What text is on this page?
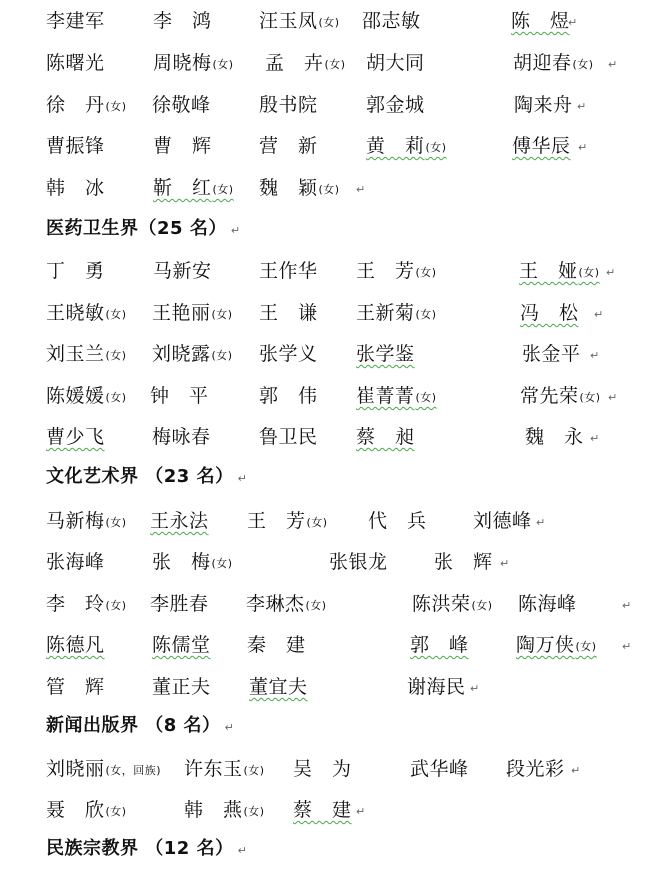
李建军	李　鸿 汪玉凤(女) 邵志敏	陈　煜
↵
陈曙光	周晓梅(女) 孟　卉(女) 胡大同	胡迎春(女) ↵
徐　丹(女) 徐敬峰	殷书院	郭金城	陶来舟 ↵
曹振锋	曹　辉 营　新	黄　莉(女)	傅华辰 ↵
韩　冰	靳　红(女) 魏　颖(女) ↵
医药卫生界（25 名） ↵
丁　勇	马新安 王作华 王　芳(女)	王　娅(女) ↵
王晓敏(女) 王艳丽(女) 王　谦 王新菊(女)	冯　松 ↵
刘玉兰(女) 刘晓露(女) 张学义 张学鉴	张金平 ↵
陈媛媛(女) 钟　平	郭　伟 崔菁菁(女)	常先荣(女) ↵
曹少飞 梅咏春	鲁卫民 蔡　昶	魏　永 ↵
文化艺术界 （23 名） ↵
马新梅(女) 王永法 王　芳(女) 代　兵 刘德峰 ↵
张海峰 张　梅(女)	张银龙 张　辉 ↵
李　玲(女) 李胜春 李琳杰(女)	陈洪荣(女) 陈海峰	↵
陈德凡 陈儒堂 秦　建	郭　峰 陶万侠(女) ↵
管　辉 董正夫 董宜夫	谢海民 ↵
新闻出版界 （8 名） ↵
刘晓丽(女，回族) 许东玉(女) 吴　为	武华峰 段光彩 ↵
聂　欣(女)	韩　燕(女) 蔡　建 ↵
民族宗教界 （12 名） ↵
